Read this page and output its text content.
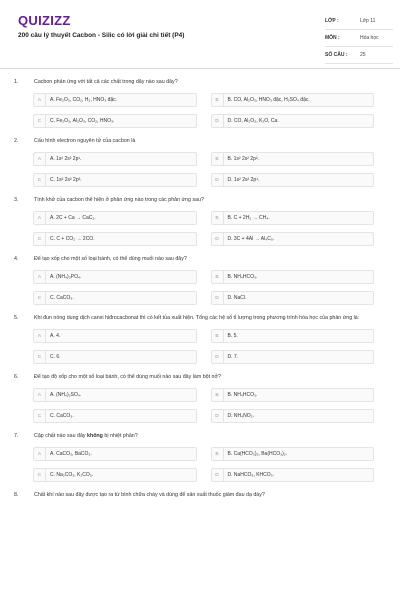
QUIZIZZ
200 câu lý thuyết Cacbon - Silic có lời giải chi tiết (P4)
LỚP :	Lớp 11
MÔN :	Hóa học
SỐ CÂU :	25
1.	Cacbon phản ứng với tất cả các chất trong dãy nào sau đây?
A	A. Fe₂O₃, CO₂, H₂, HNO₃ đặc.	B	B. CO, Al₂O₃, HNO₃ đặc, H₂SO₄ đặc.
C	C. Fe₂O₃, Al₂O₃, CO₂, HNO₃.	D	D. CO, Al₂O₃, K₂O, Ca.
2.	Cấu hình electron nguyên tử của cacbon là
A	A. 1s² 2s² 2p¹.	B	B. 1s² 2s² 2p².
C	C. 1s² 2s² 2p³.	D	D. 1s² 2s² 2p⁴.
3.	Tính khử của cacbon thể hiện ở phản ứng nào trong các phản ứng sau?
A	A. 2C + Ca → CaC₂.	B	B. C + 2H₂ → CH₄.
C	C. C + CO₂ → 2CO.	D	D. 3C + 4Al → Al₄C₃.
4.	Để tạo xốp cho một số loại bánh, có thể dùng muối nào sau đây?
A	A. (NH₄)₃PO₄.	B	B. NH₄HCO₃.
C	C. CaCO₃.	D	D. NaCl.
5.	Khi đun nóng dung dịch canxi hiđrocacbonat thì có kết tủa xuất hiện. Tổng các hệ số tỉ lượng trong phương trình hóa học của phản ứng là:
A	A. 4.	B	B. 5.
C	C. 6.	D	D. 7.
6.	Để tạo độ xốp cho một số loại bánh, có thể dùng muối nào sau đây làm bột nở?
A	A. (NH₄)₂SO₄.	B	B. NH₄HCO₃.
C	C. CaCO₃.	D	D. NH₄NO₂.
7.	Cặp chất nào sau đây không bị nhiệt phân?
A	A. CaCO₃, BaCO₃.	B	B. Ca(HCO₃)₂, Ba(HCO₃)₂.
C	C. Na₂CO₃, K₂CO₃.	D	D. NaHCO₃, KHCO₃.
8.	Chất khí nào sau đây được tạo ra từ bình chữa cháy và dùng để sản xuất thuốc giảm đau dạ dày?
